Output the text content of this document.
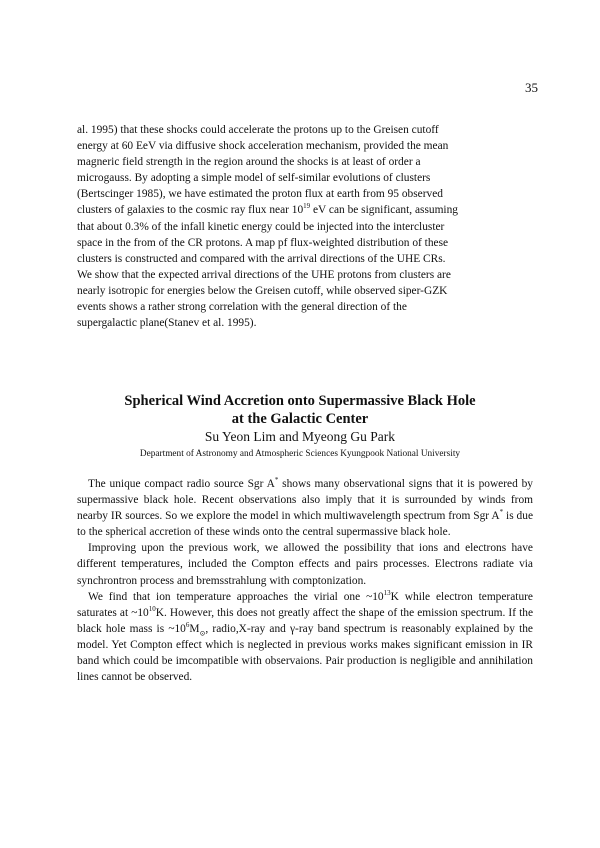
35
al. 1995) that these shocks could accelerate the protons up to the Greisen cutoff
energy at 60 EeV via diffusive shock acceleration mechanism, provided the mean
magneric field strength in the region around the shocks is at least of order a
microgauss. By adopting a simple model of self-similar evolutions of clusters
(Bertscinger 1985), we have estimated the proton flux at earth from 95 observed
clusters of galaxies to the cosmic ray flux near $10^{19}$ eV can be significant, assuming
that about 0.3% of the infall kinetic energy could be injected into the intercluster
space in the from of the CR protons. A map pf flux-weighted distribution of these
clusters is constructed and compared with the arrival directions of the UHE CRs.
We show that the expected arrival directions of the UHE protons from clusters are
nearly isotropic for energies below the Greisen cutoff, while observed siper-GZK
events shows a rather strong correlation with the general direction of the
supergalactic plane(Stanev et al. 1995).
Spherical Wind Accretion onto Supermassive Black Hole
at the Galactic Center
Su Yeon Lim and Myeong Gu Park
Department of Astronomy and Atmospheric Sciences Kyungpook National University

The unique compact radio source Sgr A* shows many observational signs that it is powered by supermassive black hole. Recent observations also imply that it is surrounded by winds from nearby IR sources. So we explore the model in which multiwavelength spectrum from Sgr A* is due to the spherical accretion of these winds onto the central supermassive black hole.

Improving upon the previous work, we allowed the possibility that ions and electrons have different temperatures, included the Compton effects and pairs processes. Electrons radiate via synchrontron process and bremsstrahlung with comptonization.

We find that ion temperature approaches the virial one $\sim 10^{13}K$ while electron temperature saturates at $\sim 10^{10}K$. However, this does not greatly affect the shape of the emission spectrum. If the black hole mass is $\sim 10^6M_⊙$, radio,X-ray and γ-ray band spectrum is reasonably explained by the model. Yet Compton effect which is neglected in previous works makes significant emission in IR band which could be imcompatible with observaions. Pair production is negligible and annihilation lines cannot be observed.
